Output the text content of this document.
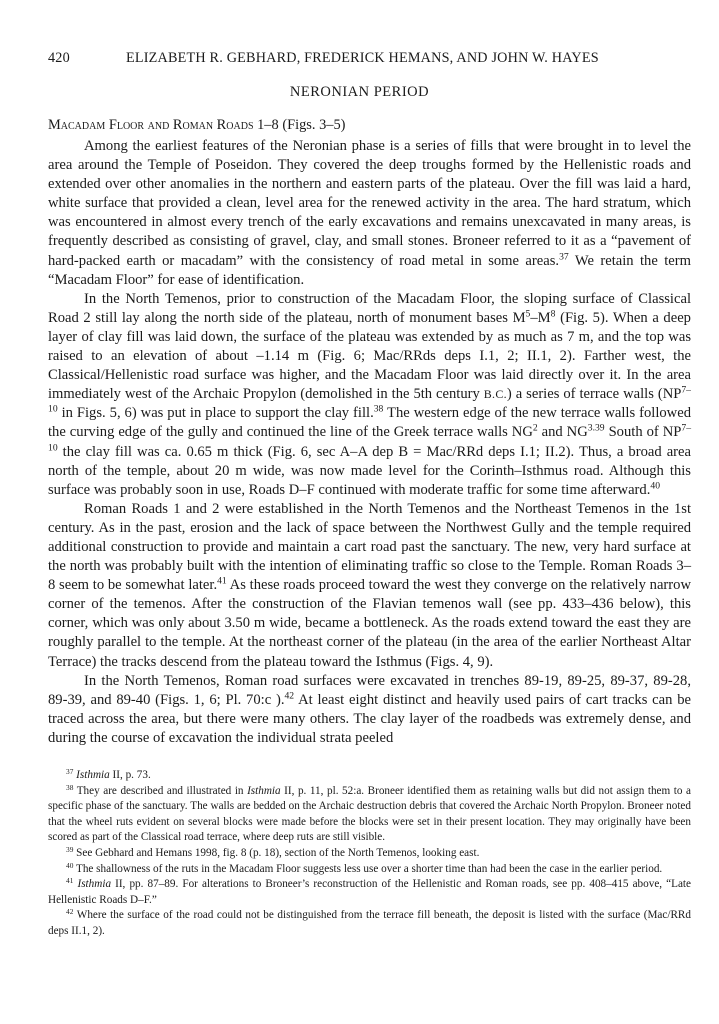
420	ELIZABETH R. GEBHARD, FREDERICK HEMANS, AND JOHN W. HAYES
NERONIAN PERIOD
Macadam Floor and Roman Roads 1–8 (Figs. 3–5)

Among the earliest features of the Neronian phase is a series of fills that were brought in to level the area around the Temple of Poseidon. They covered the deep troughs formed by the Hellenistic roads and extended over other anomalies in the northern and eastern parts of the plateau. Over the fill was laid a hard, white surface that provided a clean, level area for the renewed activity in the area. The hard stratum, which was encountered in almost every trench of the early excavations and remains unexcavated in many areas, is frequently described as consisting of gravel, clay, and small stones. Broneer referred to it as a “pavement of hard-packed earth or macadam” with the consistency of road metal in some areas.$^{37}$ We retain the term “Macadam Floor” for ease of identification.

In the North Temenos, prior to construction of the Macadam Floor, the sloping surface of Classical Road 2 still lay along the north side of the plateau, north of monument bases $M^5-M^8$ (Fig. 5). When a deep layer of clay fill was laid down, the surface of the plateau was extended by as much as 7 m, and the top was raised to an elevation of about –1.14 m (Fig. 6; Mac/RRds deps I.1, 2; II.1, 2). Farther west, the Classical/Hellenistic road surface was higher, and the Macadam Floor was laid directly over it. In the area immediately west of the Archaic Propylon (demolished in the 5th century B.C.) a series of terrace walls (NP$^{7-10}$ in Figs. 5, 6) was put in place to support the clay fill.$^{38}$ The western edge of the new terrace walls followed the curving edge of the gully and continued the line of the Greek terrace walls $NG^2$ and $NG^{3.39}$ South of NP$^{7-10}$ the clay fill was ca. 0.65 m thick (Fig. 6, sec A–A dep B = Mac/RRd deps I.1; II.2). Thus, a broad area north of the temple, about 20 m wide, was now made level for the Corinth–Isthmus road. Although this surface was probably soon in use, Roads D–F continued with moderate traffic for some time afterward.$^{40}$

Roman Roads 1 and 2 were established in the North Temenos and the Northeast Temenos in the 1st century. As in the past, erosion and the lack of space between the Northwest Gully and the temple required additional construction to provide and maintain a cart road past the sanctuary. The new, very hard surface at the north was probably built with the intention of eliminating traffic so close to the Temple. Roman Roads 3–8 seem to be somewhat later.$^{41}$ As these roads proceed toward the west they converge on the relatively narrow corner of the temenos. After the construction of the Flavian temenos wall (see pp. 433–436 below), this corner, which was only about 3.50 m wide, became a bottleneck. As the roads extend toward the east they are roughly parallel to the temple. At the northeast corner of the plateau (in the area of the earlier Northeast Altar Terrace) the tracks descend from the plateau toward the Isthmus (Figs. 4, 9).

In the North Temenos, Roman road surfaces were excavated in trenches 89-19, 89-25, 89-37, 89-28, 89-39, and 89-40 (Figs. 1, 6; Pl. 70:c ).$^{42}$ At least eight distinct and heavily used pairs of cart tracks can be traced across the area, but there were many others. The clay layer of the roadbeds was extremely dense, and during the course of excavation the individual strata peeled

$^{37}$ Isthmia II, p. 73.

$^{38}$ They are described and illustrated in Isthmia II, p. 11, pl. 52:a. Broneer identified them as retaining walls but did not assign them to a specific phase of the sanctuary. The walls are bedded on the Archaic destruction debris that covered the Archaic North Propylon. Broneer noted that the wheel ruts evident on several blocks were made before the blocks were set in their present location. They may originally have been scored as part of the Classical road terrace, where deep ruts are still visible.

$^{39}$ See Gebhard and Hemans 1998, fig. 8 (p. 18), section of the North Temenos, looking east.

$^{40}$ The shallowness of the ruts in the Macadam Floor suggests less use over a shorter time than had been the case in the earlier period.

$^{41}$ Isthmia II, pp. 87–89. For alterations to Broneer’s reconstruction of the Hellenistic and Roman roads, see pp. 408–415 above, “Late Hellenistic Roads D–F.”

$^{42}$ Where the surface of the road could not be distinguished from the terrace fill beneath, the deposit is listed with the surface (Mac/RRd deps II.1, 2).
